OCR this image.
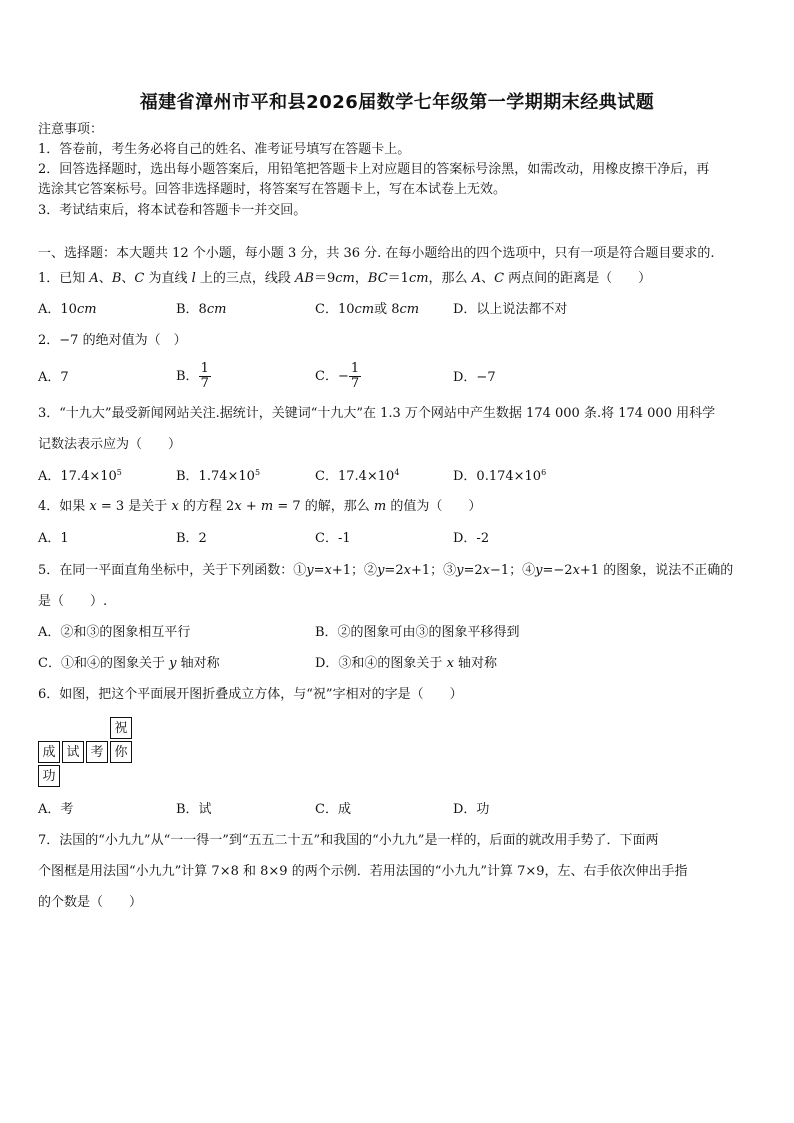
福建省漳州市平和县2026届数学七年级第一学期期末经典试题
注意事项：
1．答卷前，考生务必将自己的姓名、准考证号填写在答题卡上。
2．回答选择题时，选出每小题答案后，用铅笔把答题卡上对应题目的答案标号涂黑，如需改动，用橡皮擦干净后，再
选涂其它答案标号。回答非选择题时，将答案写在答题卡上，写在本试卷上无效。
3．考试结束后，将本试卷和答题卡一并交回。
一、选择题：本大题共 12 个小题，每小题 3 分，共 36 分. 在每小题给出的四个选项中，只有一项是符合题目要求的.
1．已知 A、B、C 为直线 l 上的三点，线段 AB＝9cm，BC＝1cm，那么 A、C 两点间的距离是（　　）
A．10cm	B．8cm	C．10cm或 8cm	D．以上说法都不对
2．−7 的绝对值为（　）
A．7	B． $\frac{1}{7}$	C．− $\frac{1}{7}$	D．−7
3．“十九大”最受新闻网站关注.据统计，关键词“十九大”在 1.3 万个网站中产生数据 174 000 条.将 174 000 用科学
记数法表示应为（　　）
A．$17.4\times 10^5$	B．$1.74\times 10^5$	C．$17.4\times 10^4$	D．$0.174\times 10^6$
4．如果 x = 3 是关于 x 的方程 2x + m = 7 的解，那么 m 的值为（　　）
A．1	B．2	C．-1	D．-2
5．在同一平面直角坐标中，关于下列函数：①y=x+1；②y=2x+1；③y=2x−1；④y=−2x+1 的图象，说法不正确的
是（　　）.
A．②和③的图象相互平行	B．②的图象可由③的图象平移得到
C．①和④的图象关于 y 轴对称	D．③和④的图象关于 x 轴对称
6．如图，把这个平面展开图折叠成立方体，与“祝”字相对的字是（　　）
祝
成 试 考 你
功
A．考	B．试	C．成	D．功
7．法国的“小九九”从“一一得一”到“五五二十五”和我国的“小九九”是一样的，后面的就改用手势了．下面两
个图框是用法国“小九九”计算 7×8 和 8×9 的两个示例．若用法国的“小九九”计算 7×9，左、右手依次伸出手指
的个数是（　　）
